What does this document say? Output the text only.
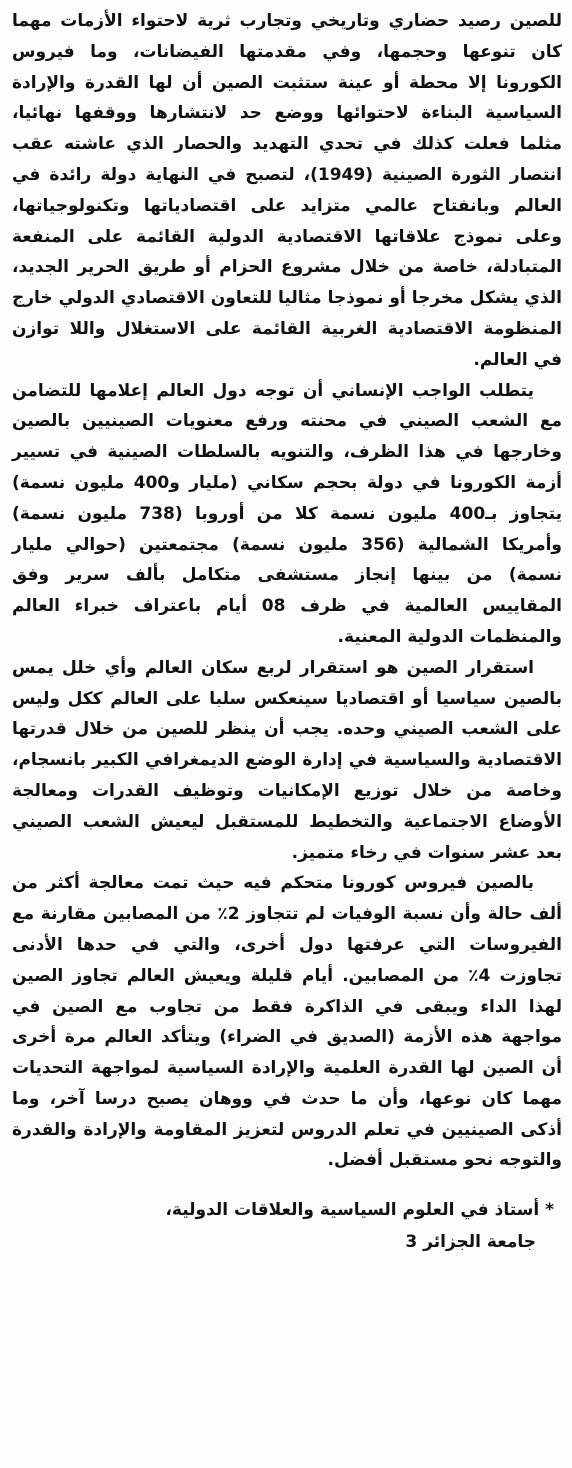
للصين رصيد حضاري وتاريخي وتجارب ثرية لاحتواء الأزمات مهما كان تنوعها وحجمها، وفي مقدمتها الفيضانات، وما فيروس الكورونا إلا محطة أو عينة ستثبت الصين أن لها القدرة والإرادة السياسية البناءة لاحتوائها ووضع حد لانتشارها ووقفها نهائيا، مثلما فعلت كذلك في تحدي التهديد والحصار الذي عاشته عقب انتصار الثورة الصينية (1949)، لتصبح في النهاية دولة رائدة في العالم وبانفتاح عالمي متزايد على اقتصادياتها وتكنولوجياتها، وعلى نموذج علاقاتها الاقتصادية الدولية القائمة على المنفعة المتبادلة، خاصة من خلال مشروع الحزام أو طريق الحرير الجديد، الذي يشكل مخرجا أو نموذجا مثاليا للتعاون الاقتصادي الدولي خارج المنظومة الاقتصادية الغربية القائمة على الاستغلال واللا توازن في العالم.

يتطلب الواجب الإنساني أن توجه دول العالم إعلامها للتضامن مع الشعب الصيني في محنته ورفع معنويات الصينيين بالصين وخارجها في هذا الظرف، والتنويه بالسلطات الصينية في تسيير أزمة الكورونا في دولة بحجم سكاني (مليار و400 مليون نسمة) يتجاوز بـ400 مليون نسمة كلا من أوروبا (738 مليون نسمة) وأمريكا الشمالية (356 مليون نسمة) مجتمعتين (حوالي مليار نسمة) من بينها إنجاز مستشفى متكامل بألف سرير وفق المقاييس العالمية في ظرف 08 أيام باعتراف خبراء العالم والمنظمات الدولية المعنية.

استقرار الصين هو استقرار لربع سكان العالم وأي خلل يمس بالصين سياسيا أو اقتصاديا سينعكس سلبا على العالم ككل وليس على الشعب الصيني وحده. يجب أن ينظر للصين من خلال قدرتها الاقتصادية والسياسية في إدارة الوضع الديمغرافي الكبير بانسجام، وخاصة من خلال توزيع الإمكانيات وتوظيف القدرات ومعالجة الأوضاع الاجتماعية والتخطيط للمستقبل ليعيش الشعب الصيني بعد عشر سنوات في رخاء متميز.

بالصين فيروس كورونا متحكم فيه حيث تمت معالجة أكثر من ألف حالة وأن نسبة الوفيات لم تتجاوز 2٪ من المصابين مقارنة مع الفيروسات التي عرفتها دول أخرى، والتي في حدها الأدنى تجاوزت 4٪ من المصابين. أيام قليلة ويعيش العالم تجاوز الصين لهذا الداء ويبقى في الذاكرة فقط من تجاوب مع الصين في مواجهة هذه الأزمة (الصديق في الضراء) ويتأكد العالم مرة أخرى أن الصين لها القدرة العلمية والإرادة السياسية لمواجهة التحديات مهما كان نوعها، وأن ما حدث في ووهان يصبح درسا آخر، وما أذكى الصينيين في تعلم الدروس لتعزيز المقاومة والإرادة والقدرة والتوجه نحو مستقبل أفضل.

* أستاذ في العلوم السياسية والعلاقات الدولية،
جامعة الجزائر 3
